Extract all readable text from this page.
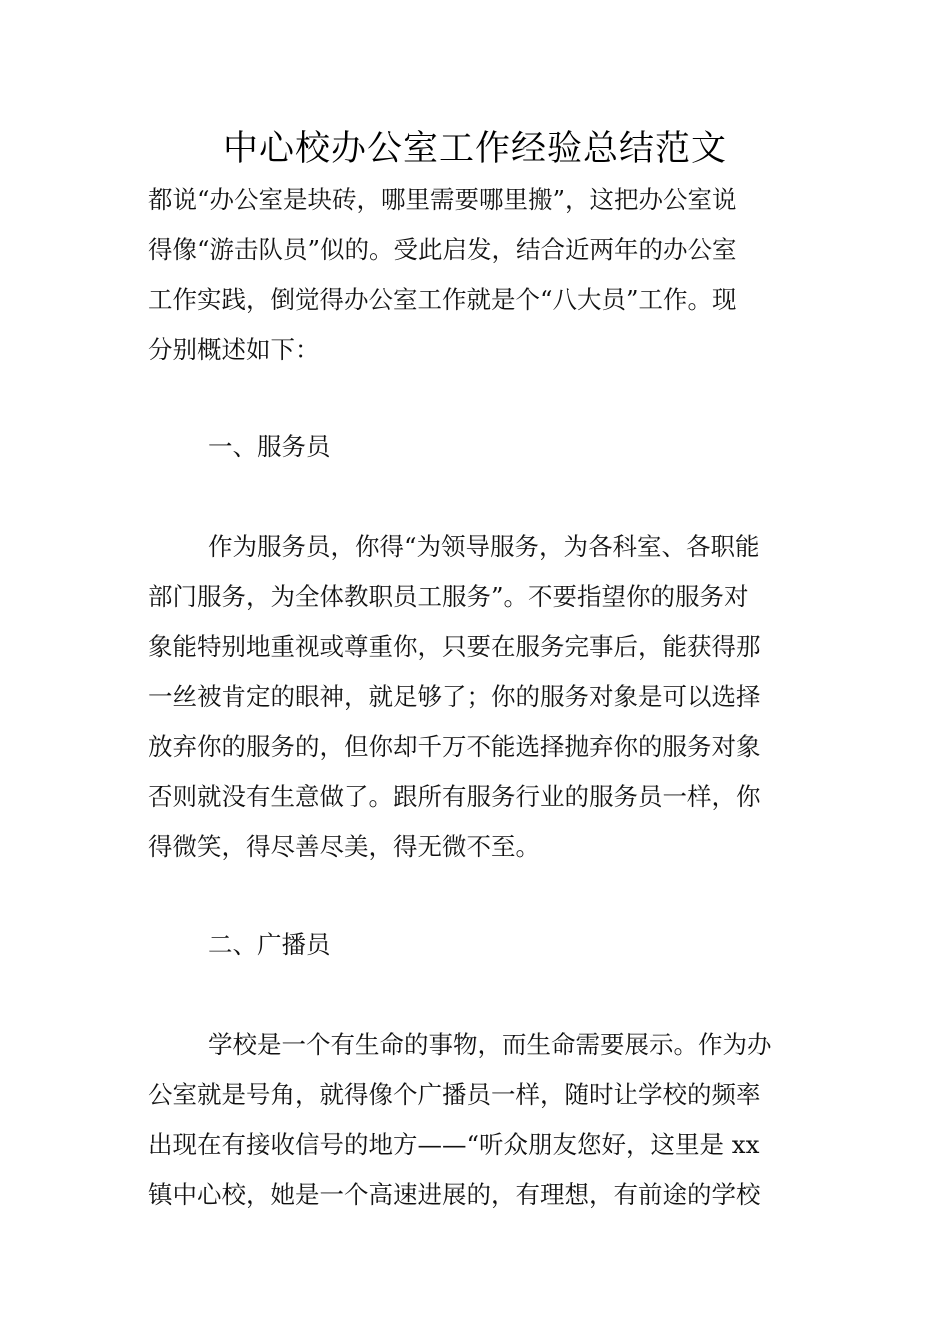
中心校办公室工作经验总结范文

都说“办公室是块砖，哪里需要哪里搬”，这把办公室说

得像“游击队员”似的。受此启发，结合近两年的办公室

工作实践，倒觉得办公室工作就是个“八大员”工作。现

分别概述如下：

一、服务员

作为服务员，你得“为领导服务，为各科室、各职能

部门服务，为全体教职员工服务”。不要指望你的服务对

象能特别地重视或尊重你，只要在服务完事后，能获得那

一丝被肯定的眼神，就足够了；你的服务对象是可以选择

放弃你的服务的，但你却千万不能选择抛弃你的服务对象

否则就没有生意做了。跟所有服务行业的服务员一样，你

得微笑，得尽善尽美，得无微不至。

二、广播员

学校是一个有生命的事物，而生命需要展示。作为办

公室就是号角，就得像个广播员一样，随时让学校的频率

出现在有接收信号的地方——“听众朋友您好，这里是 xx

镇中心校，她是一个高速进展的，有理想，有前途的学校
